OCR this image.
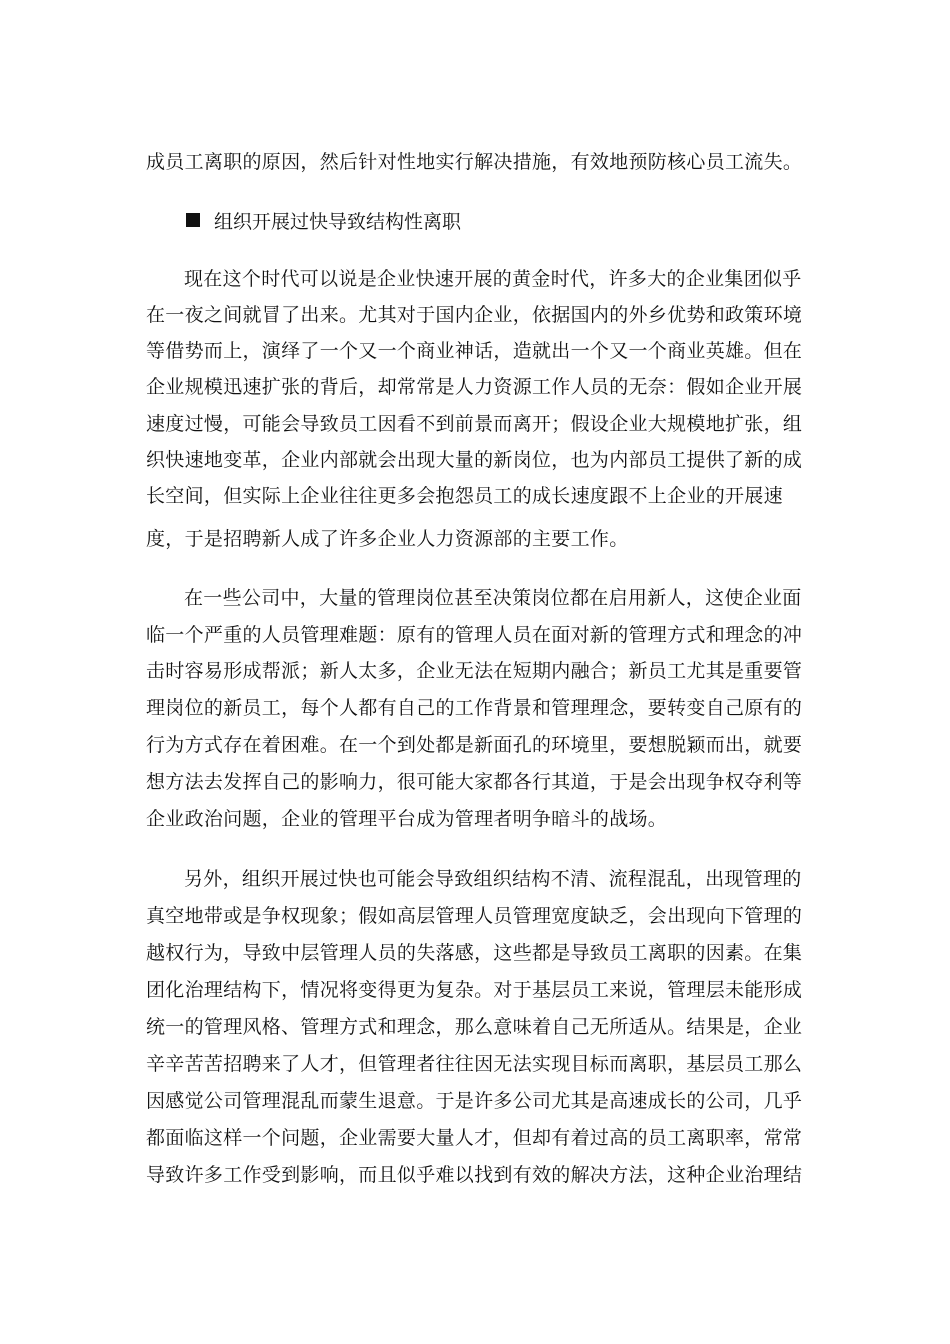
成员工离职的原因，然后针对性地实行解决措施，有效地预防核心员工流失。
组织开展过快导致结构性离职
现在这个时代可以说是企业快速开展的黄金时代，许多大的企业集团似乎
在一夜之间就冒了出来。尤其对于国内企业，依据国内的外乡优势和政策环境
等借势而上，演绎了一个又一个商业神话，造就出一个又一个商业英雄。但在
企业规模迅速扩张的背后，却常常是人力资源工作人员的无奈：假如企业开展
速度过慢，可能会导致员工因看不到前景而离开；假设企业大规模地扩张，组
织快速地变革，企业内部就会出现大量的新岗位，也为内部员工提供了新的成
长空间，但实际上企业往往更多会抱怨员工的成长速度跟不上企业的开展速
度，于是招聘新人成了许多企业人力资源部的主要工作。
在一些公司中，大量的管理岗位甚至决策岗位都在启用新人，这使企业面
临一个严重的人员管理难题：原有的管理人员在面对新的管理方式和理念的冲
击时容易形成帮派；新人太多，企业无法在短期内融合；新员工尤其是重要管
理岗位的新员工，每个人都有自己的工作背景和管理理念，要转变自己原有的
行为方式存在着困难。在一个到处都是新面孔的环境里，要想脱颖而出，就要
想方法去发挥自己的影响力，很可能大家都各行其道，于是会出现争权夺利等
企业政治问题，企业的管理平台成为管理者明争暗斗的战场。
另外，组织开展过快也可能会导致组织结构不清、流程混乱，出现管理的
真空地带或是争权现象；假如高层管理人员管理宽度缺乏，会出现向下管理的
越权行为，导致中层管理人员的失落感，这些都是导致员工离职的因素。在集
团化治理结构下，情况将变得更为复杂。对于基层员工来说，管理层未能形成
统一的管理风格、管理方式和理念，那么意味着自己无所适从。结果是，企业
辛辛苦苦招聘来了人才，但管理者往往因无法实现目标而离职，基层员工那么
因感觉公司管理混乱而蒙生退意。于是许多公司尤其是高速成长的公司，几乎
都面临这样一个问题，企业需要大量人才，但却有着过高的员工离职率，常常
导致许多工作受到影响，而且似乎难以找到有效的解决方法，这种企业治理结
